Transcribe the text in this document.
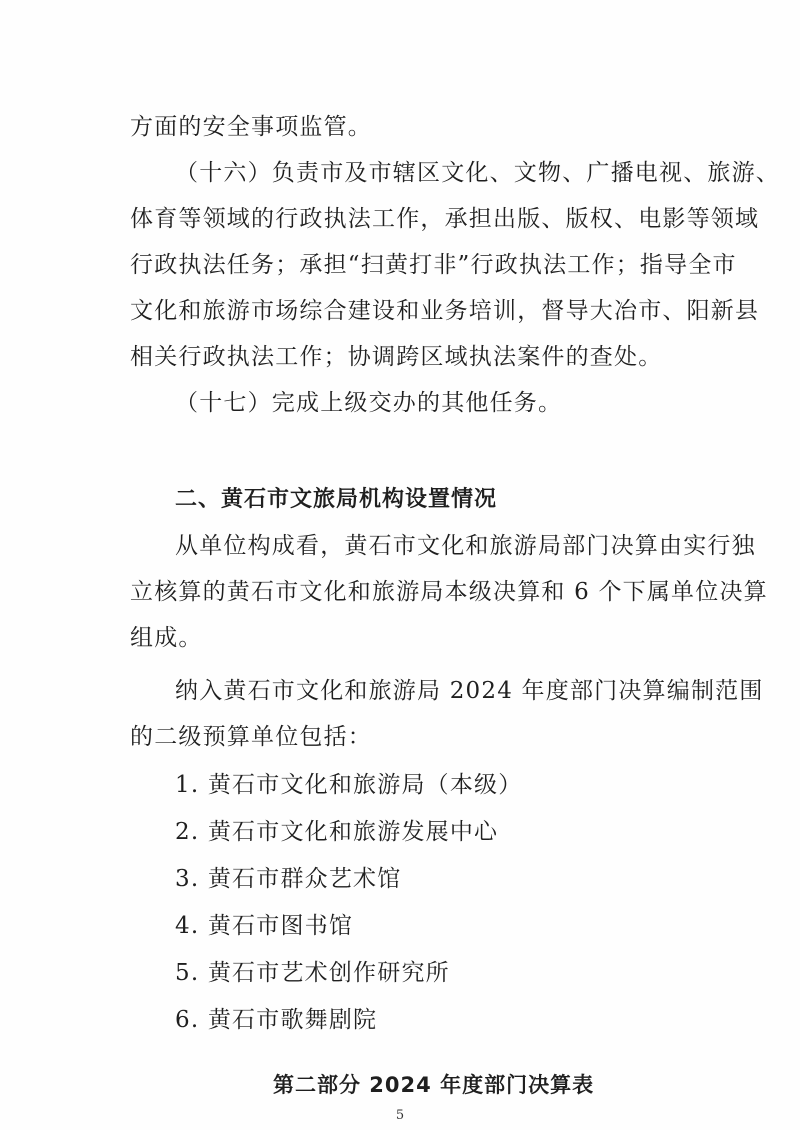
方面的安全事项监管。
（十六）负责市及市辖区文化、文物、广播电视、旅游、
体育等领域的行政执法工作，承担出版、版权、电影等领域
行政执法任务；承担“扫黄打非”行政执法工作；指导全市
文化和旅游市场综合建设和业务培训，督导大冶市、阳新县
相关行政执法工作；协调跨区域执法案件的查处。
（十七）完成上级交办的其他任务。
二、黄石市文旅局机构设置情况
从单位构成看，黄石市文化和旅游局部门决算由实行独
立核算的黄石市文化和旅游局本级决算和 6 个下属单位决算
组成。
纳入黄石市文化和旅游局 2024 年度部门决算编制范围
的二级预算单位包括：
1. 黄石市文化和旅游局（本级）
2. 黄石市文化和旅游发展中心
3. 黄石市群众艺术馆
4. 黄石市图书馆
5. 黄石市艺术创作研究所
6. 黄石市歌舞剧院
第二部分 2024 年度部门决算表
5
